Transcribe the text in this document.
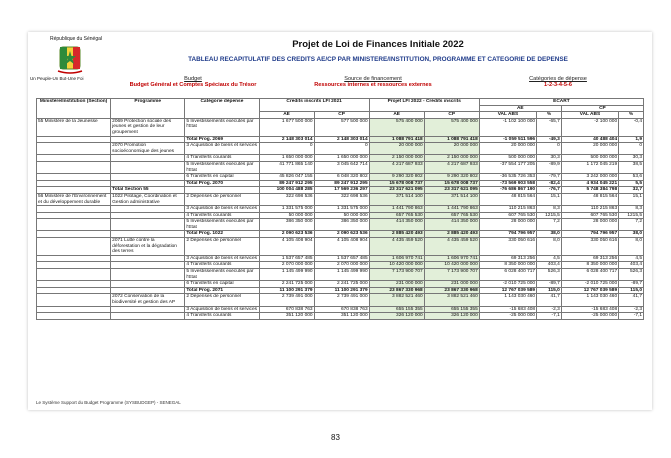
République du Sénégal
Un Peuple-Un But-Une Foi
Projet de Loi de Finances Initiale 2022
TABLEAU RECAPITULATIF DES CREDITS AE/CP PAR MINISTERE/INSTITUTION, PROGRAMME ET CATEGORIE DE DEPENSE
Budget
Budget Général et Comptes Spéciaux du Trésor
Source de financement
Ressources internes et ressources externes
Catégories de dépense
1-2-3-4-5-6
Ministère/Institution (Section)	Programme	Catégorie dépense	Crédits inscrits LFI 2021		Projet LFI 2022 - Crédits inscrits		ECART			
							AE		CP	
			AE	CP	AE	CP	VAL ABS	%	VAL ABS	%
55 Ministère de la Jeunesse	2069 Protection sociale des jeunes et gestion de leur groupement	5 Investissements exécutés par l'Etat	1 677 500 000	577 500 000	575 400 000	575 400 000	-1 102 100 000	-65,7	-2 100 000	-0,4
		Total Prog. 2069	2 148 303 014	2 148 303 014	1 088 791 418	1 088 791 418	-1 059 511 596	-49,3	40 488 404	1,9
	2070 Promotion socioéconomique des jeunes	3 Acquisition de biens et services	0	0	20 000 000	20 000 000	20 000 000	0	20 000 000	0
		4 Transferts courants	1 650 000 000	1 650 000 000	2 150 000 000	2 150 000 000	500 000 000	30,3	500 000 000	30,3
		5 Investissements exécutés par l'Etat	41 771 865 140	3 045 642 714	4 217 687 933	4 217 687 933	-37 554 177 205	-89,9	1 172 045 219	38,5
		6 Transferts en capital	45 826 047 155	6 048 320 802	9 290 320 802	9 290 320 802	-36 535 726 353	-79,7	3 242 000 000	53,6
		Total Prog. 2070	89 247 912 295	89 247 912 295	15 678 008 737	15 678 008 737	-73 569 903 558	-82,4	4 934 045 221	5,5
	Total Section 55		100 004 488 285	17 569 236 297	23 317 621 095	23 317 621 095	-76 686 867 190	-76,7	5 748 384 798	32,7
56 Ministère de l'Environnement et du développement durable	1022 Pilotage, Coordination et Gestion administrative	2 Dépenses de personnel	322 698 536	322 698 536	371 514 100	371 514 100	48 815 564	15,1	48 815 564	15,1
		3 Acquisition de biens et services	1 331 575 000	1 331 575 000	1 441 790 863	1 441 790 863	110 215 863	8,3	110 215 863	8,3
		4 Transferts courants	50 000 000	50 000 000	657 765 530	657 765 530	607 765 530	1215,5	607 765 530	1215,5
		5 Investissements exécutés par l'Etat	386 350 000	386 350 000	414 350 000	414 350 000	28 000 000	7,2	28 000 000	7,2
		Total Prog. 1022	2 090 623 536	2 090 623 536	2 885 420 493	2 885 420 493	794 796 957	38,0	794 796 957	38,0
	2071 Lutte contre la déforestation et la dégradation des terres	2 Dépenses de personnel	4 105 408 904	4 105 408 904	4 435 459 520	4 435 459 520	330 050 616	8,0	330 050 616	8,0
		3 Acquisition de biens et services	1 537 657 485	1 537 657 485	1 606 970 741	1 606 970 741	69 313 256	4,5	69 313 256	4,5
		4 Transferts courants	2 070 000 000	2 070 000 000	10 420 000 000	10 420 000 000	8 350 000 000	403,4	8 350 000 000	403,4
		5 Investissements exécutés par l'Etat	1 145 499 990	1 145 499 990	7 173 900 707	7 173 900 707	6 028 400 717	526,3	6 028 400 717	526,3
		6 Transferts en capital	2 241 725 000	2 241 725 000	231 000 000	231 000 000	-2 010 725 000	-89,7	-2 010 725 000	-89,7
		Total Prog. 2071	11 100 291 379	11 100 291 379	23 867 330 968	23 867 330 968	12 767 039 589	115,0	12 767 039 589	115,0
	2072 Conservation de la biodiversité et gestion des AP	2 Dépenses de personnel	2 739 491 000	2 739 491 000	3 882 521 460	3 882 521 460	1 143 030 460	41,7	1 143 030 460	41,7
		3 Acquisition de biens et services	670 838 763	670 838 763	655 155 355	655 155 355	-15 683 408	-2,3	-15 683 408	-2,3
		4 Transferts courants	351 120 000	351 120 000	326 120 000	326 120 000	-25 000 000	-7,1	-25 000 000	-7,1
Le Système Support du Budget Programme (SYSBUDGEP) - SENEGAL
83
